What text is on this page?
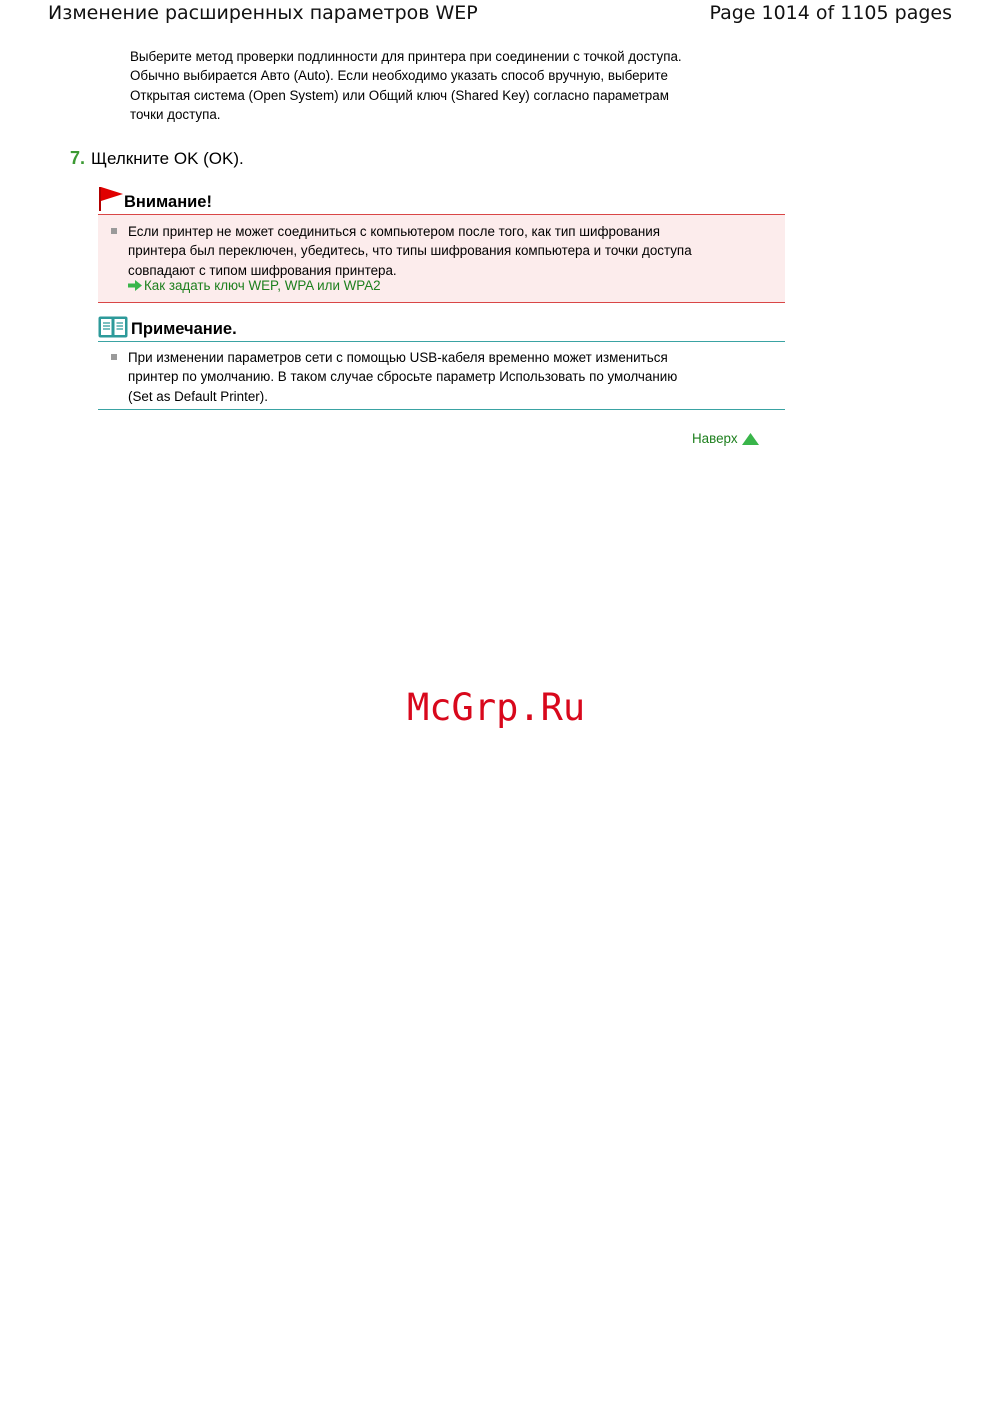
Изменение расширенных параметров WEP	Page 1014 of 1105 pages
Выберите метод проверки подлинности для принтера при соединении с точкой доступа.
Обычно выбирается Авто (Auto). Если необходимо указать способ вручную, выберите
Открытая система (Open System) или Общий ключ (Shared Key) согласно параметрам
точки доступа.
7. Щелкните OK (OK).
Внимание!
Если принтер не может соединиться с компьютером после того, как тип шифрования
принтера был переключен, убедитесь, что типы шифрования компьютера и точки доступа
совпадают с типом шифрования принтера.
Как задать ключ WEP, WPA или WPA2
Примечание.
При изменении параметров сети с помощью USB-кабеля временно может измениться
принтер по умолчанию. В таком случае сбросьте параметр Использовать по умолчанию
(Set as Default Printer).
Наверх
McGrp.Ru
